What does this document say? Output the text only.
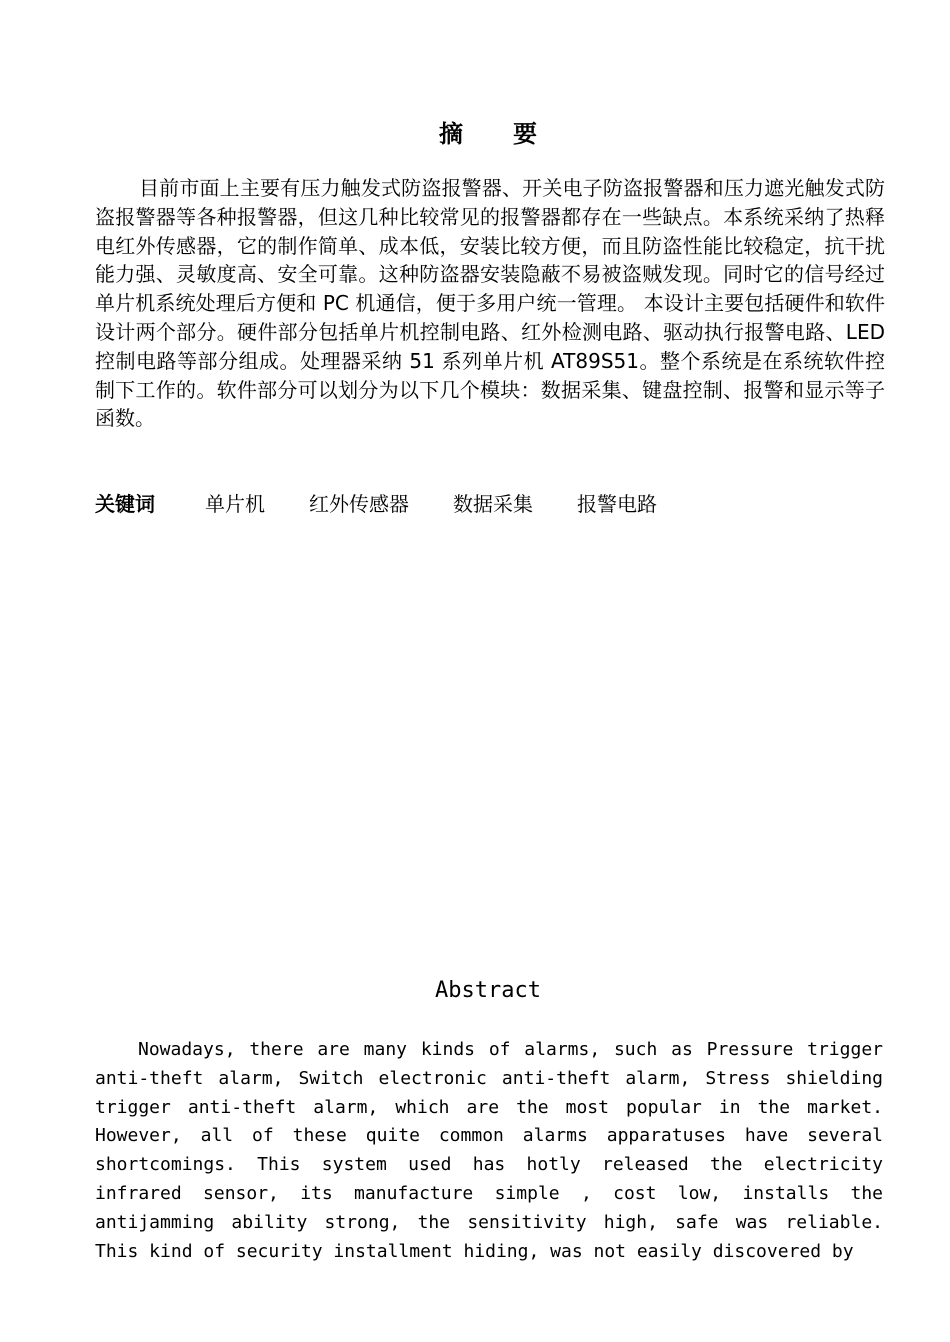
摘 要

目前市面上主要有压力触发式防盗报警器、开关电子防盗报警器和压力遮光触发式防盗报警器等各种报警器，但这几种比较常见的报警器都存在一些缺点。本系统采纳了热释电红外传感器，它的制作简单、成本低，安装比较方便，而且防盗性能比较稳定，抗干扰能力强、灵敏度高、安全可靠。这种防盗器安装隐蔽不易被盗贼发现。同时它的信号经过单片机系统处理后方便和 PC 机通信，便于多用户统一管理。 本设计主要包括硬件和软件设计两个部分。硬件部分包括单片机控制电路、红外检测电路、驱动执行报警电路、LED 控制电路等部分组成。处理器采纳 51 系列单片机 AT89S51。整个系统是在系统软件控制下工作的。软件部分可以划分为以下几个模块：数据采集、键盘控制、报警和显示等子函数。

关键词	单片机 红外传感器 数据采集 报警电路
Abstract

Nowadays, there are many kinds of alarms, such as Pressure trigger anti-theft alarm, Switch electronic anti-theft alarm, Stress shielding trigger anti-theft alarm, which are the most popular in the market. However, all of these quite common alarms apparatuses have several shortcomings. This system used has hotly released the electricity infrared sensor, its manufacture simple , cost low, installs the antijamming ability strong, the sensitivity high, safe was reliable. This kind of security installment hiding, was not easily discovered by
